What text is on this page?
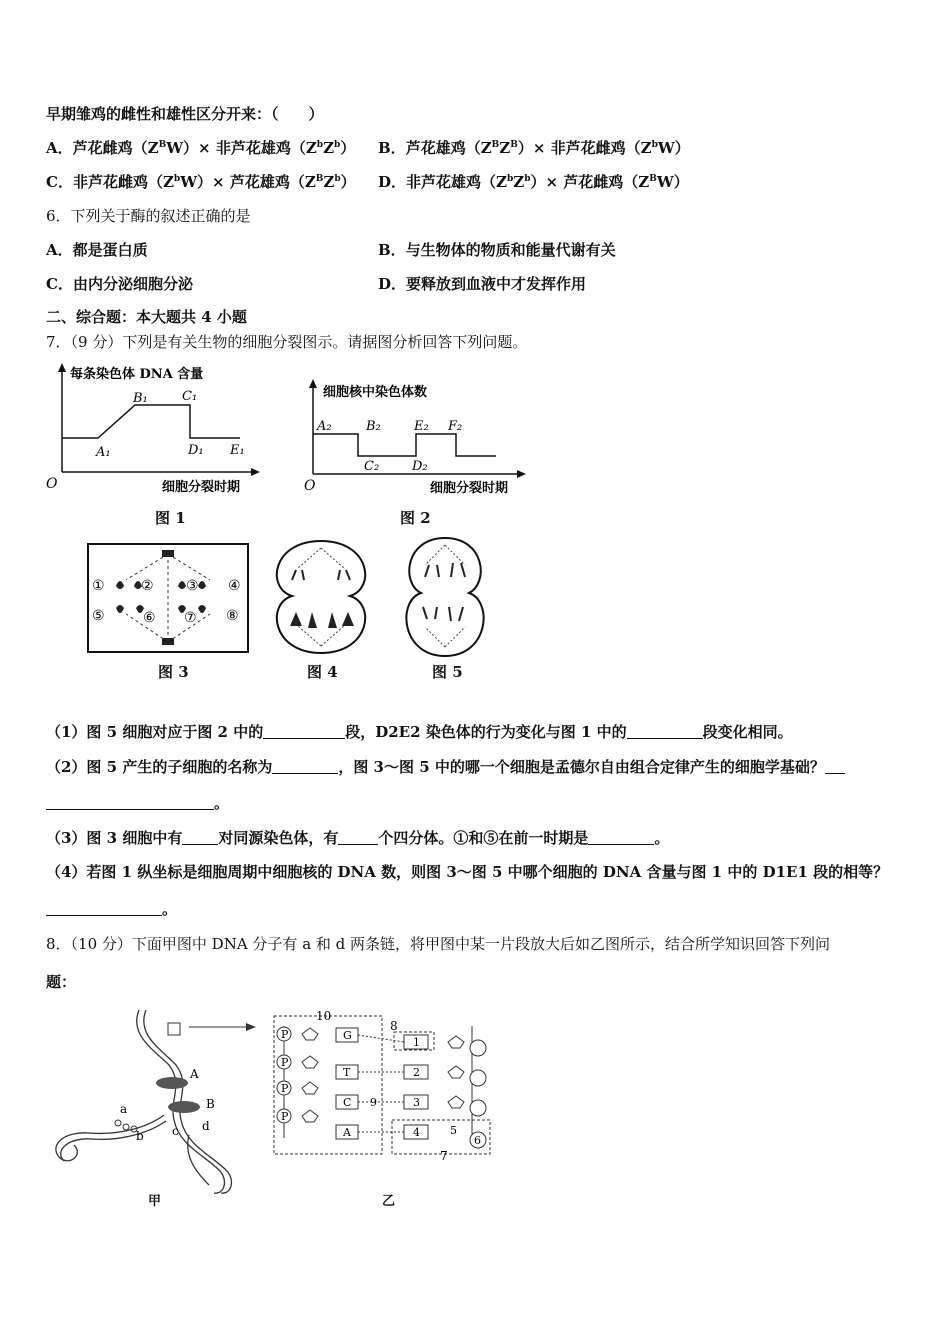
早期雏鸡的雌性和雄性区分开来：（　　）
A．芦花雌鸡$(Z^BW)\times$ 非芦花雄鸡$(Z^bZ^b)$ B．芦花雄鸡$(Z^BZ^B)\times$ 非芦花雌鸡$(Z^bW)$
C．非芦花雌鸡$(Z^bW)\times$ 芦花雄鸡$(Z^BZ^b)$ D．非芦花雄鸡$(Z^bZ^b)\times$ 芦花雌鸡$(Z^BW)$
6．下列关于酶的叙述正确的是
A．都是蛋白质	B．与生物体的物质和能量代谢有关
C．由内分泌细胞分泌	D．要释放到血液中才发挥作用
二、综合题：本大题共 4 小题
7．（9 分）下列是有关生物的细胞分裂图示。请据图分析回答下列问题。
每条染色体 DNA 含量
A₁
B₁	C₁
D₁ E₁
O	细胞分裂时期
图 1
细胞核中染色体数
A₂	B₂
C₂	D₂
E₂ F₂
O	细胞分裂时期
图 2
①	② ③ ④
⑤	⑥ ⑦ ⑧
图 3	图 4	图 5
（1）图 5 细胞对应于图 2 中的	段，D2E2 染色体的行为变化与图 1 中的	段变化相同。
（2）图 5 产生的子细胞的名称为	，图 3～图 5 中的哪一个细胞是孟德尔自由组合定律产生的细胞学基础？
。
（3）图 3 细胞中有 对同源染色体，有	个四分体。①和⑤在前一时期是	。
（4）若图 1 纵坐标是细胞周期中细胞核的 DNA 数，则图 3～图 5 中哪个细胞的 DNA 含量与图 1 中的 D1E1 段的相等？
。
8．（10 分）下面甲图中 DNA 分子有 a 和 d 两条链，将甲图中某一片段放大后如乙图所示，结合所学知识回答下列问
题：
A
B
a
b c d
甲
10
8
7
P
P
P
P
G
T
C
A
1
2
3
4
9
5
6
乙
